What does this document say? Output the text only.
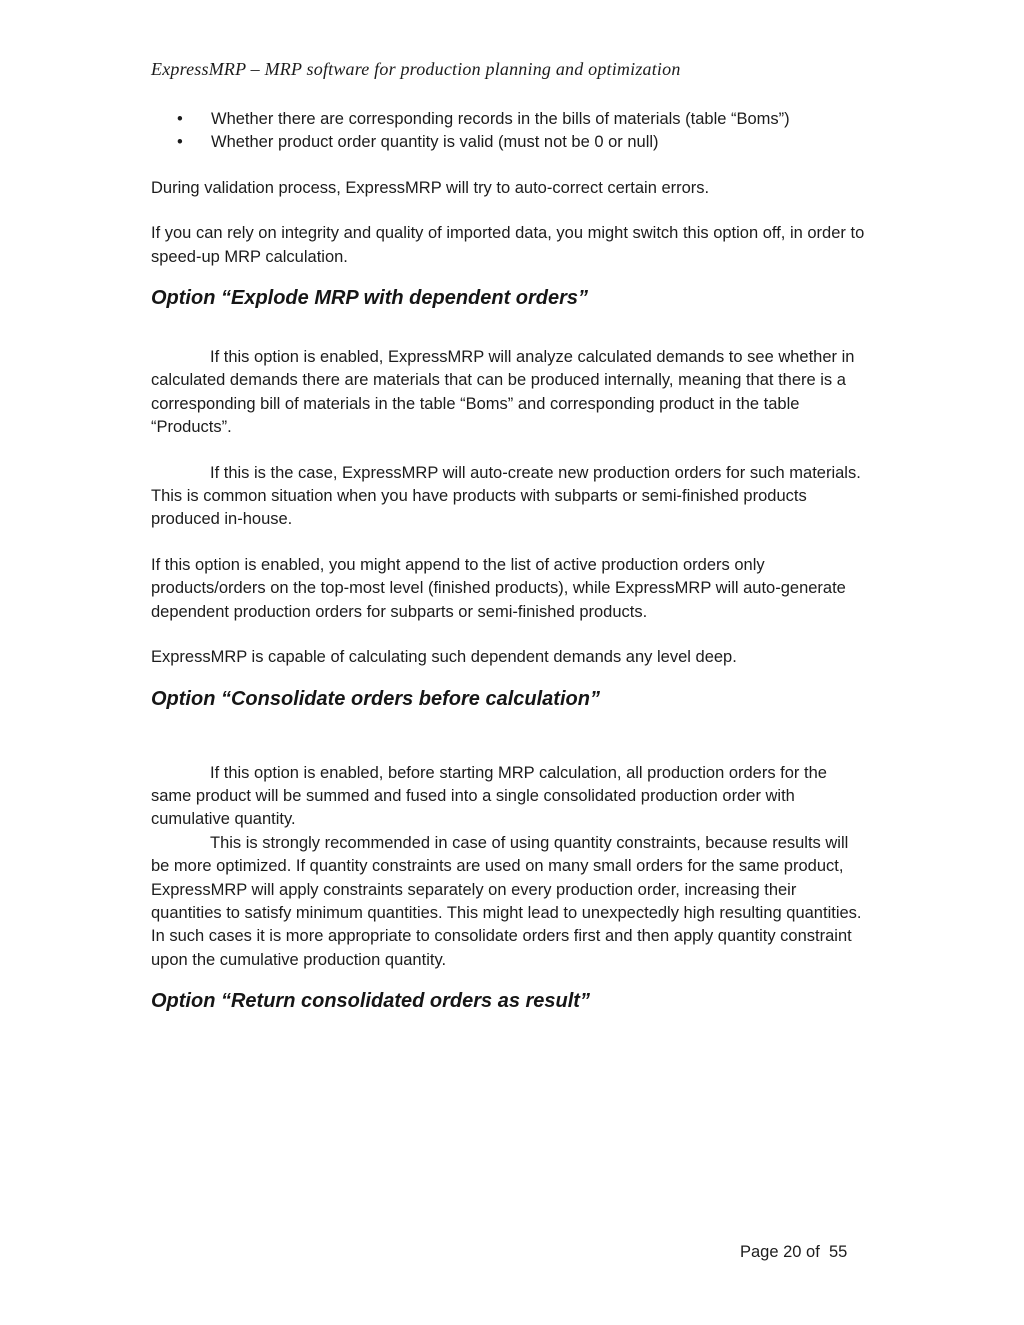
ExpressMRP – MRP software for production planning and optimization
• Whether there are corresponding records in the bills of materials (table “Boms”)
• Whether product order quantity is valid (must not be 0 or null)

During validation process, ExpressMRP will try to auto-correct certain errors.

If you can rely on integrity and quality of imported data, you might switch this option off, in order to speed-up MRP calculation.

Option “Explode MRP with dependent orders”

If this option is enabled, ExpressMRP will analyze calculated demands to see whether in calculated demands there are materials that can be produced internally, meaning that there is a corresponding bill of materials in the table “Boms” and corresponding product in the table “Products”.

If this is the case, ExpressMRP will auto-create new production orders for such materials. This is common situation when you have products with subparts or semi-finished products produced in-house.

If this option is enabled, you might append to the list of active production orders only products/orders on the top-most level (finished products), while ExpressMRP will auto-generate dependent production orders for subparts or semi-finished products.

ExpressMRP is capable of calculating such dependent demands any level deep.

Option “Consolidate orders before calculation”

If this option is enabled, before starting MRP calculation, all production orders for the same product will be summed and fused into a single consolidated production order with cumulative quantity.

This is strongly recommended in case of using quantity constraints, because results will be more optimized. If quantity constraints are used on many small orders for the same product, ExpressMRP will apply constraints separately on every production order, increasing their quantities to satisfy minimum quantities. This might lead to unexpectedly high resulting quantities. In such cases it is more appropriate to consolidate orders first and then apply quantity constraint upon the cumulative production quantity.

Option “Return consolidated orders as result”
Page 20 of  55
